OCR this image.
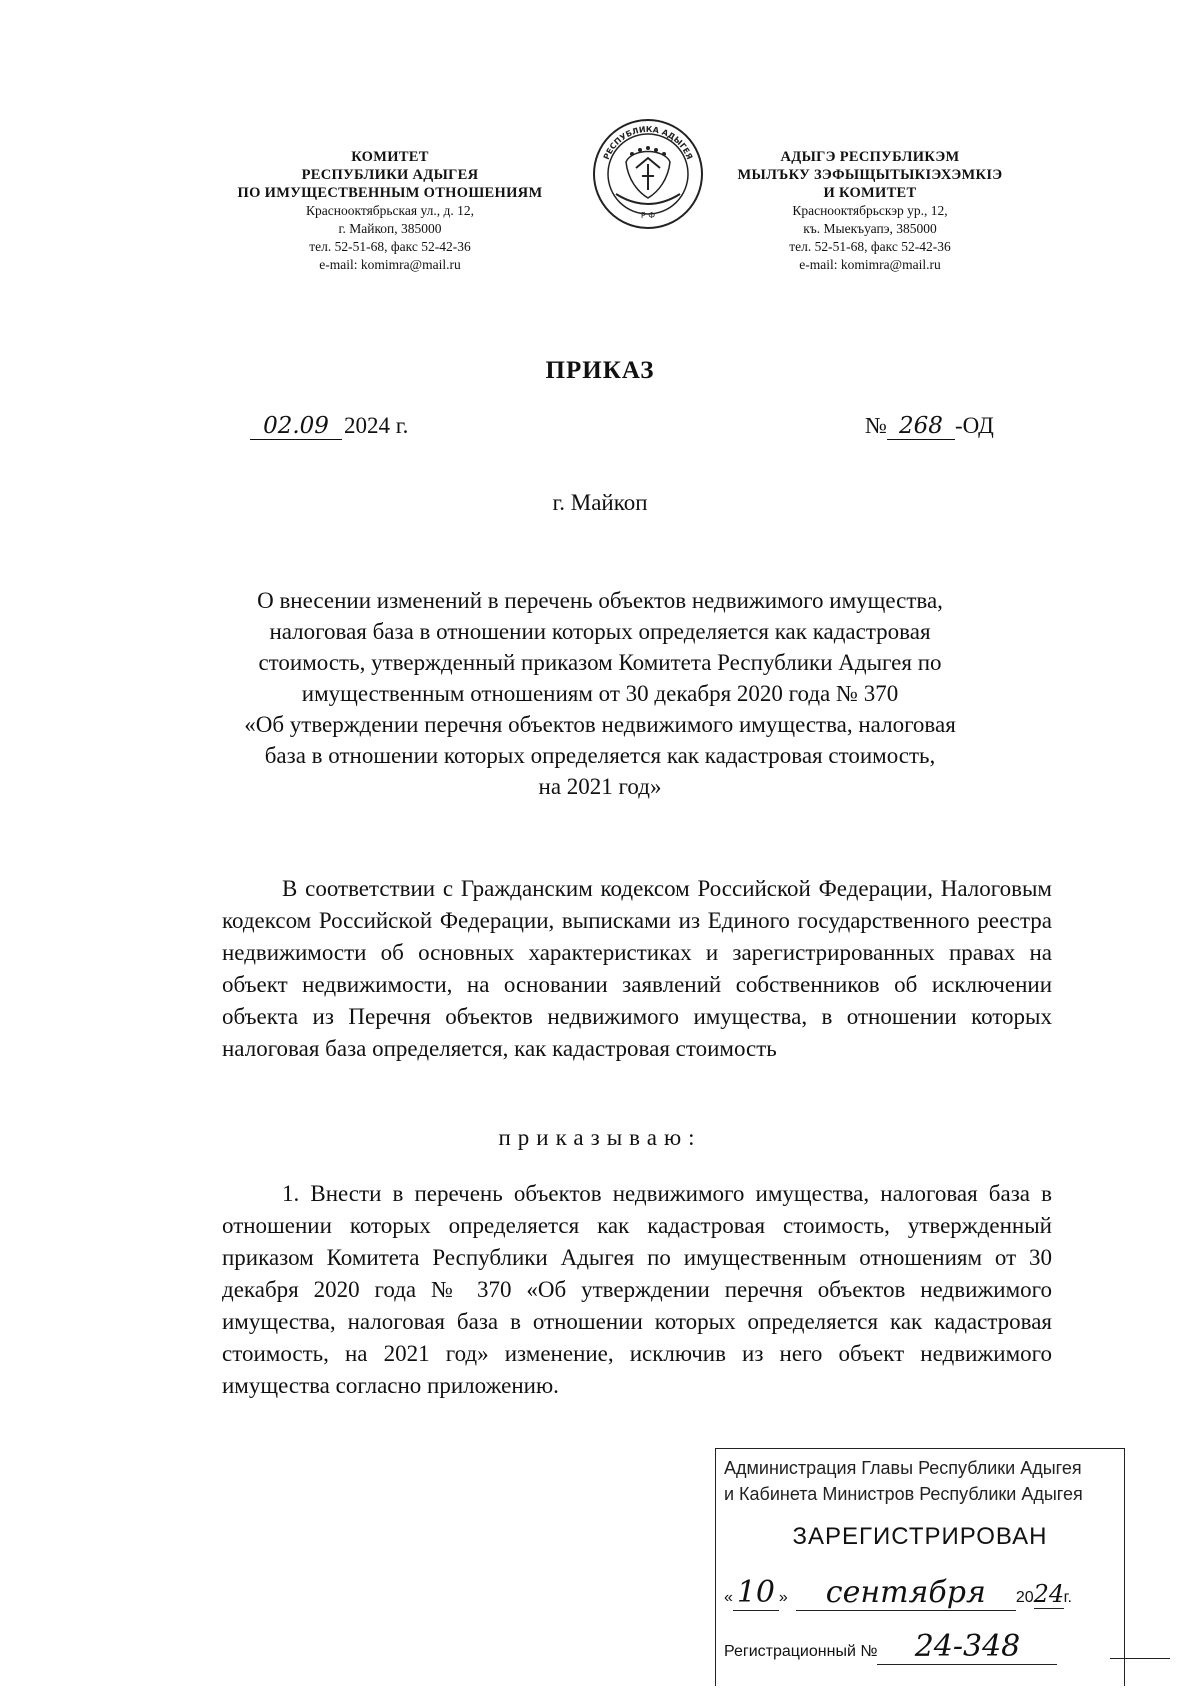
КОМИТЕТ
РЕСПУБЛИКИ АДЫГЕЯ
ПО ИМУЩЕСТВЕННЫМ ОТНОШЕНИЯМ
Краснооктябрьская ул., д. 12,
г. Майкоп, 385000
тел. 52-51-68, факс 52-42-36
e-mail: komimra@mail.ru
РЕСПУБЛИКА АДЫГЕЯ
Р Ф
АДЫГЭ РЕСПУБЛИКЭМ
МЫЛЪКУ ЗЭФЫЩЫТЫКIЭХЭМКIЭ
И КОМИТЕТ
Краснооктябрьскэр ур., 12,
къ. Мыекъуапэ, 385000
тел. 52-51-68, факс 52-42-36
e-mail: komimra@mail.ru
ПРИКАЗ
02.09 2024 г.	№ 268 -ОД
г. Майкоп
О внесении изменений в перечень объектов недвижимого имущества,
налоговая база в отношении которых определяется как кадастровая
стоимость, утвержденный приказом Комитета Республики Адыгея по
имущественным отношениям от 30 декабря 2020 года № 370
«Об утверждении перечня объектов недвижимого имущества, налоговая
база в отношении которых определяется как кадастровая стоимость,
на 2021 год»
В соответствии с Гражданским кодексом Российской Федерации, Налоговым кодексом Российской Федерации, выписками из Единого государственного реестра недвижимости об основных характеристиках и зарегистрированных правах на объект недвижимости, на основании заявлений собственников об исключении объекта из Перечня объектов недвижимого имущества, в отношении которых налоговая база определяется, как кадастровая стоимость
приказываю:
1. Внести в перечень объектов недвижимого имущества, налоговая база в отношении которых определяется как кадастровая стоимость, утвержденный приказом Комитета Республики Адыгея по имущественным отношениям от 30 декабря 2020 года № 370 «Об утверждении перечня объектов недвижимого имущества, налоговая база в отношении которых определяется как кадастровая стоимость, на 2021 год» изменение, исключив из него объект недвижимого имущества согласно приложению.
Администрация Главы Республики Адыгея
и Кабинета Министров Республики Адыгея
ЗАРЕГИСТРИРОВАН
« 10 » сентября 2024г.
Регистрационный № 24-348
